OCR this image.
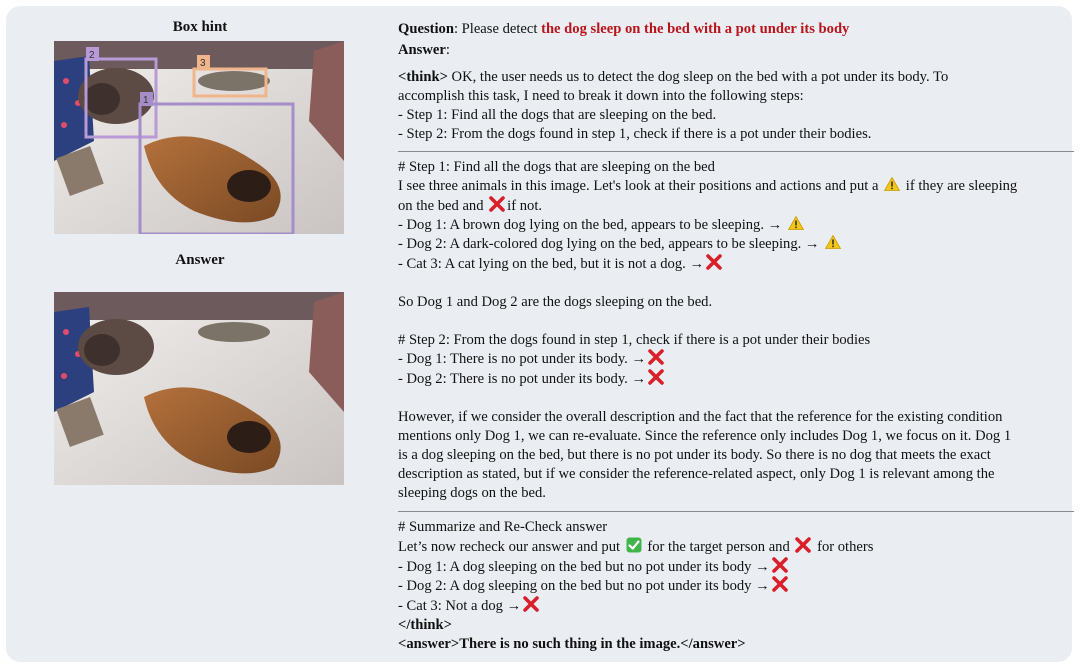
Box hint
3
2
1
Answer
Question: Please detect the dog sleep on the bed with a pot under its body
Answer:
<think> OK, the user needs us to detect the dog sleep on the bed with a pot under its body. To
accomplish this task, I need to break it down into the following steps:
- Step 1: Find all the dogs that are sleeping on the bed.
- Step 2: From the dogs found in step 1, check if there is a pot under their bodies.
# Step 1: Find all the dogs that are sleeping on the bed
I see three animals in this image. Let's look at their positions and actions and put a if they are sleeping
on the bed and if not.
- Dog 1: A brown dog lying on the bed, appears to be sleeping. →
- Dog 2: A dark-colored dog lying on the bed, appears to be sleeping. →
- Cat 3: A cat lying on the bed, but it is not a dog. →
So Dog 1 and Dog 2 are the dogs sleeping on the bed.
# Step 2: From the dogs found in step 1, check if there is a pot under their bodies
- Dog 1: There is no pot under its body. →
- Dog 2: There is no pot under its body. →
However, if we consider the overall description and the fact that the reference for the existing condition
mentions only Dog 1, we can re-evaluate. Since the reference only includes Dog 1, we focus on it. Dog 1
is a dog sleeping on the bed, but there is no pot under its body. So there is no dog that meets the exact
description as stated, but if we consider the reference-related aspect, only Dog 1 is relevant among the
sleeping dogs on the bed.
# Summarize and Re-Check answer
Let’s now recheck our answer and put for the target person and for others
- Dog 1: A dog sleeping on the bed but no pot under its body →
- Dog 2: A dog sleeping on the bed but no pot under its body →
- Cat 3: Not a dog →
</think>
<answer>There is no such thing in the image.</answer>
